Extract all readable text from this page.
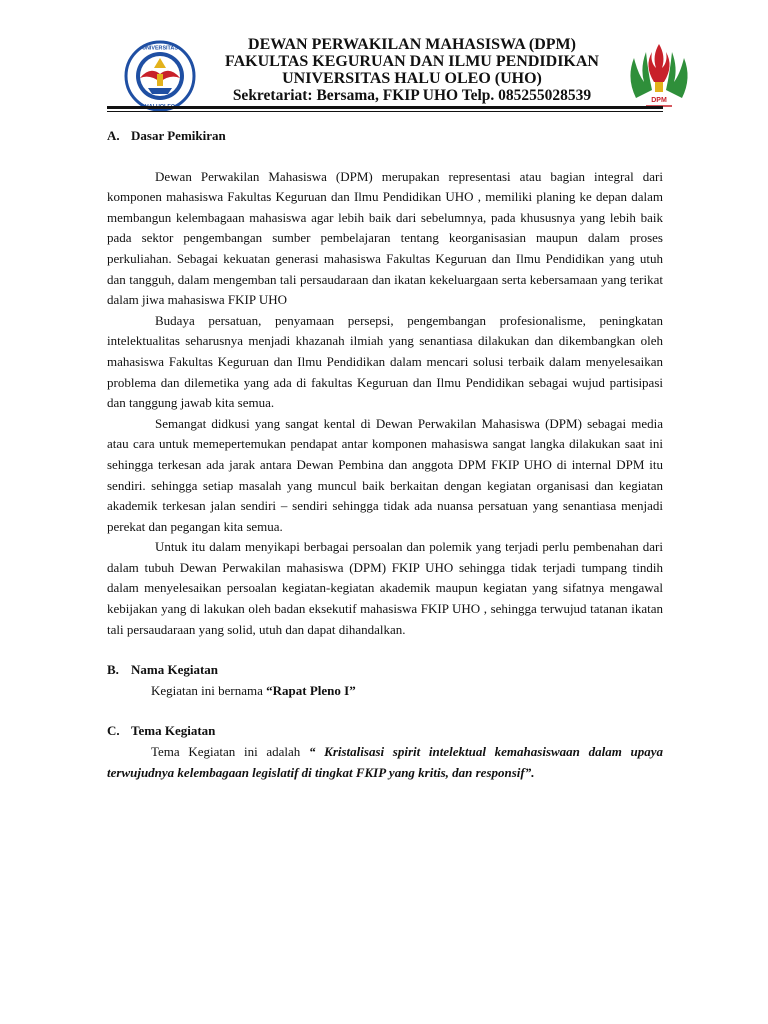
UNIVERSITAS	DEWAN PERWAKILAN MAHASISWA (DPM)
FAKULTAS KEGURUAN DAN ILMU PENDIDIKAN
UNIVERSITAS HALU OLEO (UHO)
Sekretariat: Bersama, FKIP UHO Telp. 085255028539	DPM

A. Dasar Pemikiran

Dewan Perwakilan Mahasiswa (DPM) merupakan representasi atau bagian integral dari komponen mahasiswa Fakultas Keguruan dan Ilmu Pendidikan UHO , memiliki planing ke depan dalam membangun kelembagaan mahasiswa agar lebih baik dari sebelumnya, pada khususnya yang lebih baik pada sektor pengembangan sumber pembelajaran tentang keorganisasian maupun dalam proses perkuliahan. Sebagai kekuatan generasi mahasiswa Fakultas Keguruan dan Ilmu Pendidikan yang utuh dan tangguh, dalam mengemban tali persaudaraan dan ikatan kekeluargaan serta kebersamaan yang terikat dalam jiwa mahasiswa FKIP UHO

Budaya persatuan, penyamaan persepsi, pengembangan profesionalisme, peningkatan intelektualitas seharusnya menjadi khazanah ilmiah yang senantiasa dilakukan dan dikembangkan oleh mahasiswa Fakultas Keguruan dan Ilmu Pendidikan dalam mencari solusi terbaik dalam menyelesaikan problema dan dilemetika yang ada di fakultas Keguruan dan Ilmu Pendidikan sebagai wujud partisipasi dan tanggung jawab kita semua.

Semangat didkusi yang sangat kental di Dewan Perwakilan Mahasiswa (DPM) sebagai media atau cara untuk memepertemukan pendapat antar komponen mahasiswa sangat langka dilakukan saat ini sehingga terkesan ada jarak antara Dewan Pembina dan anggota DPM FKIP UHO di internal DPM itu sendiri. sehingga setiap masalah yang muncul baik berkaitan dengan kegiatan organisasi dan kegiatan akademik terkesan jalan sendiri – sendiri sehingga tidak ada nuansa persatuan yang senantiasa menjadi perekat dan pegangan kita semua.

Untuk itu dalam menyikapi berbagai persoalan dan polemik yang terjadi perlu pembenahan dari dalam tubuh Dewan Perwakilan mahasiswa (DPM) FKIP UHO sehingga tidak terjadi tumpang tindih dalam menyelesaikan persoalan kegiatan-kegiatan akademik maupun kegiatan yang sifatnya mengawal kebijakan yang di lakukan oleh badan eksekutif mahasiswa FKIP UHO , sehingga terwujud tatanan ikatan tali persaudaraan yang solid, utuh dan dapat dihandalkan.

B. Nama Kegiatan

Kegiatan ini bernama “Rapat Pleno I”

C. Tema Kegiatan

Tema Kegiatan ini adalah “ Kristalisasi spirit intelektual kemahasiswaan dalam upaya terwujudnya kelembagaan legislatif di tingkat FKIP yang kritis, dan responsif”.
